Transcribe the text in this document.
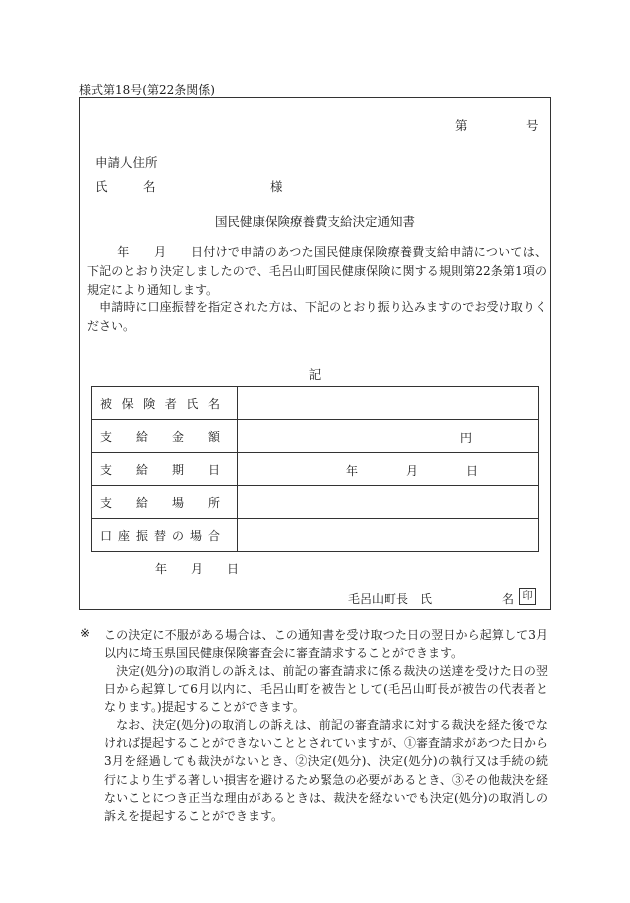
様式第18号(第22条関係)
第	号
申請人住所
氏	名	様
国民健康保険療養費支給決定通知書
年　　月　　日付けで申請のあつた国民健康保険療養費支給申請については、下記のとおり決定しましたので、毛呂山町国民健康保険に関する規則第22条第1項の規定により通知します。
申請時に口座振替を指定された方は、下記のとおり振り込みますのでお受け取りください。
記
被保険者氏名	

支給金額	円

支給期日	年　　　　月　　　　日

支給場所	

口座振替の場合	

年　　月　　日
毛呂山町長　氏	名 印
※ この決定に不服がある場合は、この通知書を受け取つた日の翌日から起算して3月以内に埼玉県国民健康保険審査会に審査請求することができます。
決定(処分)の取消しの訴えは、前記の審査請求に係る裁決の送達を受けた日の翌日から起算して6月以内に、毛呂山町を被告として(毛呂山町長が被告の代表者となります。)提起することができます。
なお、決定(処分)の取消しの訴えは、前記の審査請求に対する裁決を経た後でなければ提起することができないこととされていますが、①審査請求があつた日から3月を経過しても裁決がないとき、②決定(処分)、決定(処分)の執行又は手続の続行により生ずる著しい損害を避けるため緊急の必要があるとき、③その他裁決を経ないことにつき正当な理由があるときは、裁決を経ないでも決定(処分)の取消しの訴えを提起することができます。
